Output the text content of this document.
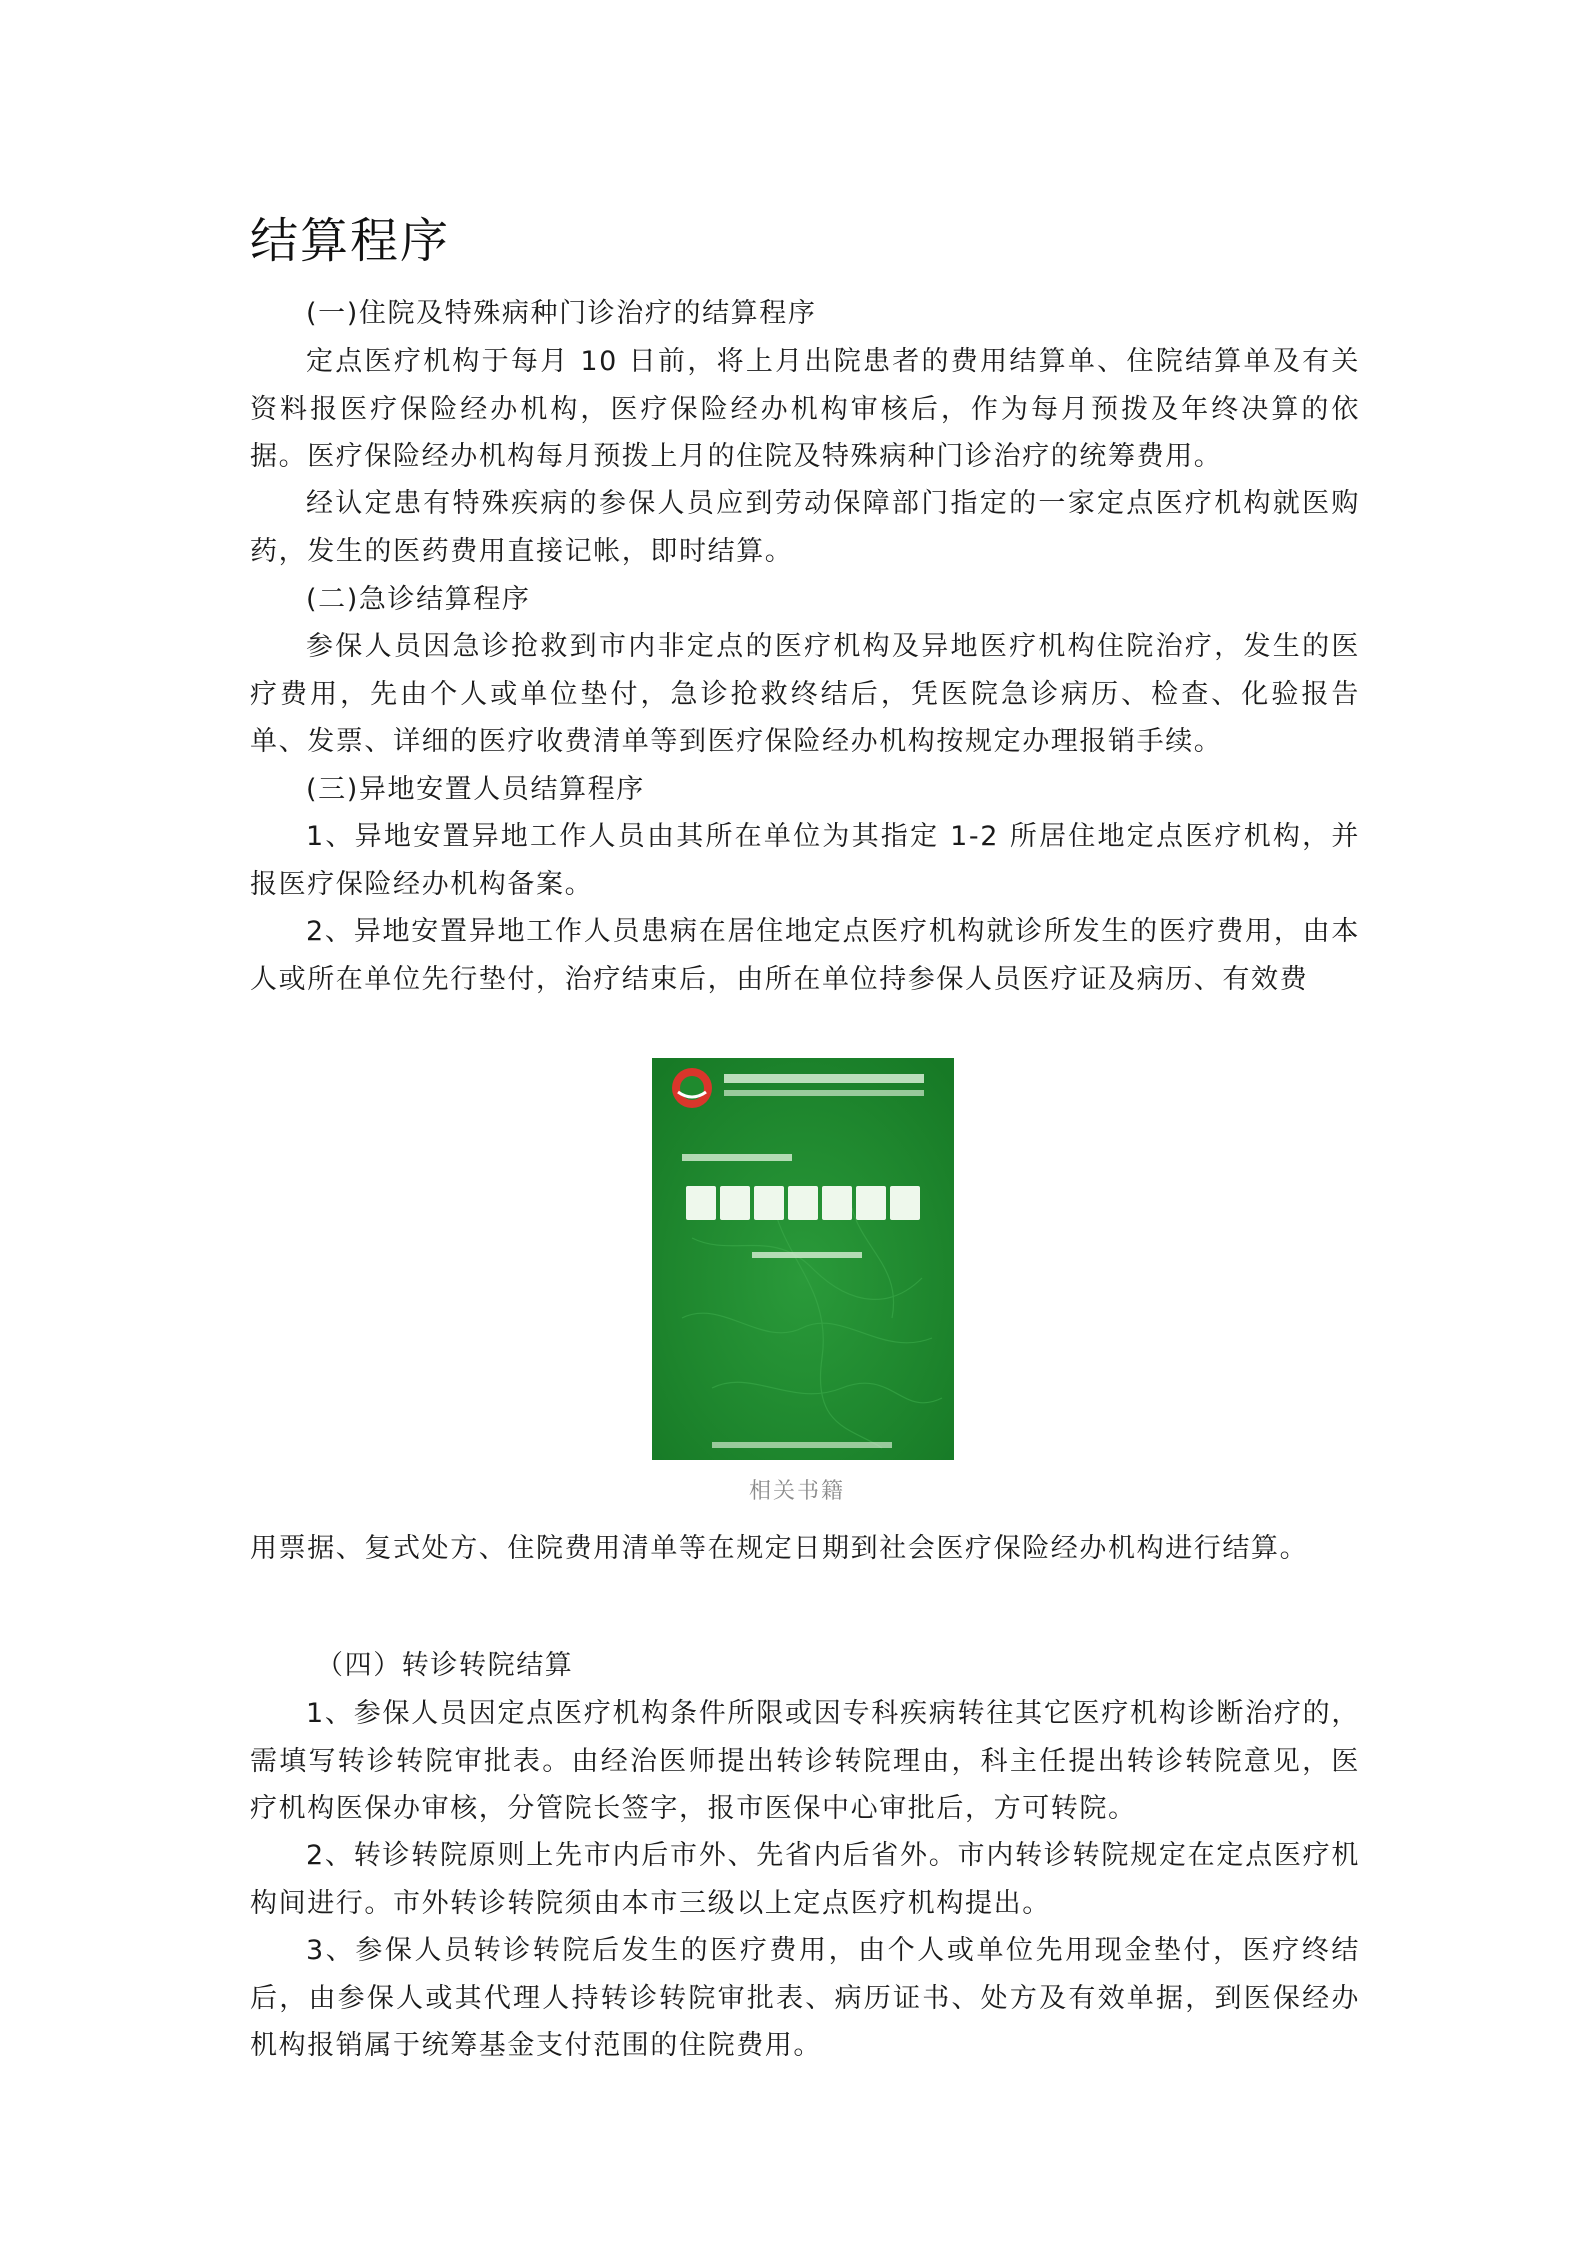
结算程序

(一)住院及特殊病种门诊治疗的结算程序

定点医疗机构于每月 10 日前，将上月出院患者的费用结算单、住院结算单及有关资料报医疗保险经办机构，医疗保险经办机构审核后，作为每月预拨及年终决算的依据。医疗保险经办机构每月预拨上月的住院及特殊病种门诊治疗的统筹费用。

经认定患有特殊疾病的参保人员应到劳动保障部门指定的一家定点医疗机构就医购药，发生的医药费用直接记帐，即时结算。

(二)急诊结算程序

参保人员因急诊抢救到市内非定点的医疗机构及异地医疗机构住院治疗，发生的医疗费用，先由个人或单位垫付，急诊抢救终结后，凭医院急诊病历、检查、化验报告单、发票、详细的医疗收费清单等到医疗保险经办机构按规定办理报销手续。

(三)异地安置人员结算程序

1、异地安置异地工作人员由其所在单位为其指定 1-2 所居住地定点医疗机构，并报医疗保险经办机构备案。

2、异地安置异地工作人员患病在居住地定点医疗机构就诊所发生的医疗费用，由本人或所在单位先行垫付，治疗结束后，由所在单位持参保人员医疗证及病历、有效费

相关书籍

用票据、复式处方、住院费用清单等在规定日期到社会医疗保险经办机构进行结算。

（四）转诊转院结算

1、参保人员因定点医疗机构条件所限或因专科疾病转往其它医疗机构诊断治疗的，需填写转诊转院审批表。由经治医师提出转诊转院理由，科主任提出转诊转院意见，医疗机构医保办审核，分管院长签字，报市医保中心审批后，方可转院。

2、转诊转院原则上先市内后市外、先省内后省外。市内转诊转院规定在定点医疗机构间进行。市外转诊转院须由本市三级以上定点医疗机构提出。

3、参保人员转诊转院后发生的医疗费用，由个人或单位先用现金垫付，医疗终结后，由参保人或其代理人持转诊转院审批表、病历证书、处方及有效单据，到医保经办机构报销属于统筹基金支付范围的住院费用。
